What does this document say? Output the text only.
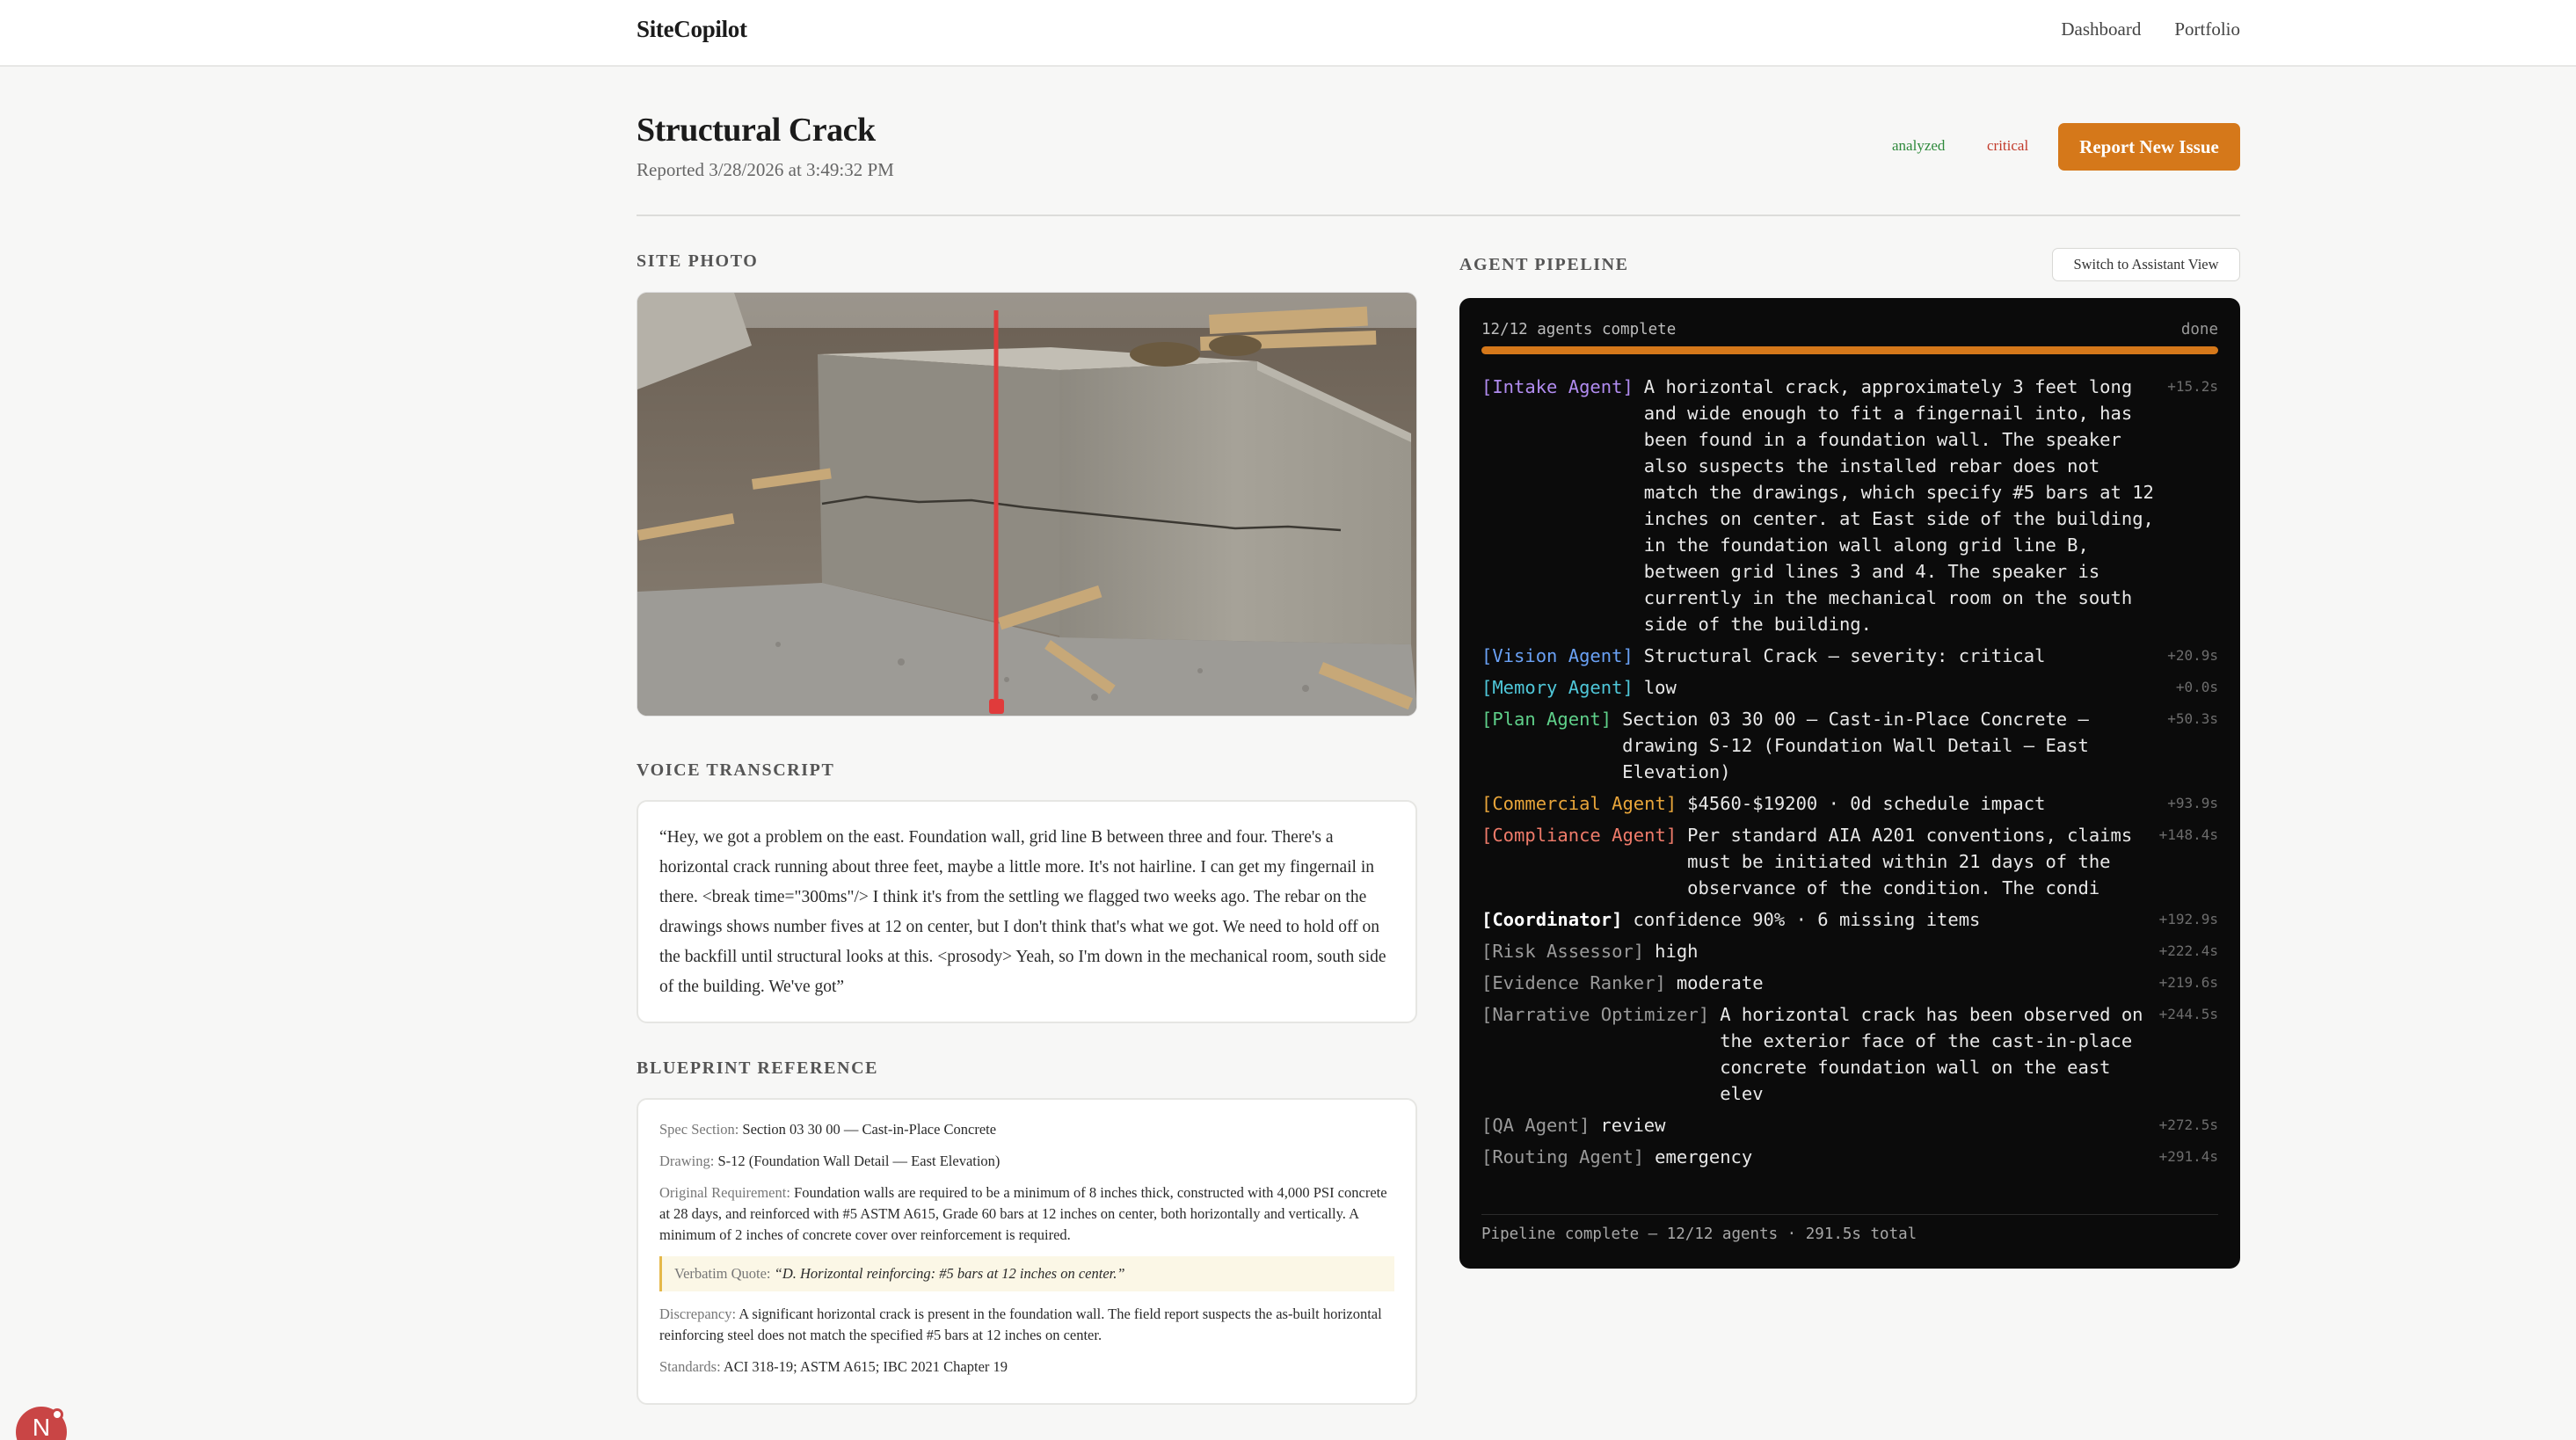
SiteCopilot	Dashboard Portfolio
Structural Crack
Reported 3/28/2026 at 3:49:32 PM
analyzed	critical	Report New Issue
SITE PHOTO
VOICE TRANSCRIPT
“Hey, we got a problem on the east. Foundation wall, grid line B between three and four. There's a horizontal crack running about three feet, maybe a little more. It's not hairline. I can get my fingernail in there. <break time="300ms"/> I think it's from the settling we flagged two weeks ago. The rebar on the drawings shows number fives at 12 on center, but I don't think that's what we got. We need to hold off on the backfill until structural looks at this. <prosody> Yeah, so I'm down in the mechanical room, south side of the building. We've got”
BLUEPRINT REFERENCE
Spec Section: Section 03 30 00 — Cast-in-Place Concrete
Drawing: S-12 (Foundation Wall Detail — East Elevation)
Original Requirement: Foundation walls are required to be a minimum of 8 inches thick, constructed with 4,000 PSI concrete at 28 days, and reinforced with #5 ASTM A615, Grade 60 bars at 12 inches on center, both horizontally and vertically. A minimum of 2 inches of concrete cover over reinforcement is required.
Verbatim Quote: “D. Horizontal reinforcing: #5 bars at 12 inches on center.”
Discrepancy: A significant horizontal crack is present in the foundation wall. The field report suspects the as-built horizontal reinforcing steel does not match the specified #5 bars at 12 inches on center.
Standards: ACI 318-19; ASTM A615; IBC 2021 Chapter 19
AGENT PIPELINE	Switch to Assistant View
12/12 agents complete	done
[Intake Agent] A horizontal crack, approximately 3 feet long and wide enough to fit a fingernail into, has been found in a foundation wall. The speaker also suspects the installed rebar does not match the drawings, which specify #5 bars at 12 inches on center. at East side of the building, in the foundation wall along grid line B, between grid lines 3 and 4. The speaker is currently in the mechanical room on the south side of the building.
+15.2s
[Vision Agent] Structural Crack — severity: critical	+20.9s
[Memory Agent] low	+0.0s
[Plan Agent] Section 03 30 00 — Cast-in-Place Concrete — drawing S-12 (Foundation Wall Detail — East Elevation)
+50.3s
[Commercial Agent] $4560-$19200 · 0d schedule impact	+93.9s
[Compliance Agent] Per standard AIA A201 conventions, claims must be initiated within 21 days of the observance of the condition. The condi
+148.4s
[Coordinator] confidence 90% · 6 missing items	+192.9s
[Risk Assessor] high	+222.4s
[Evidence Ranker] moderate	+219.6s
[Narrative Optimizer] A horizontal crack has been observed on the exterior face of the cast-in-place concrete foundation wall on the east elev
+244.5s
[QA Agent] review	+272.5s
[Routing Agent] emergency	+291.4s
Pipeline complete — 12/12 agents · 291.5s total
N
